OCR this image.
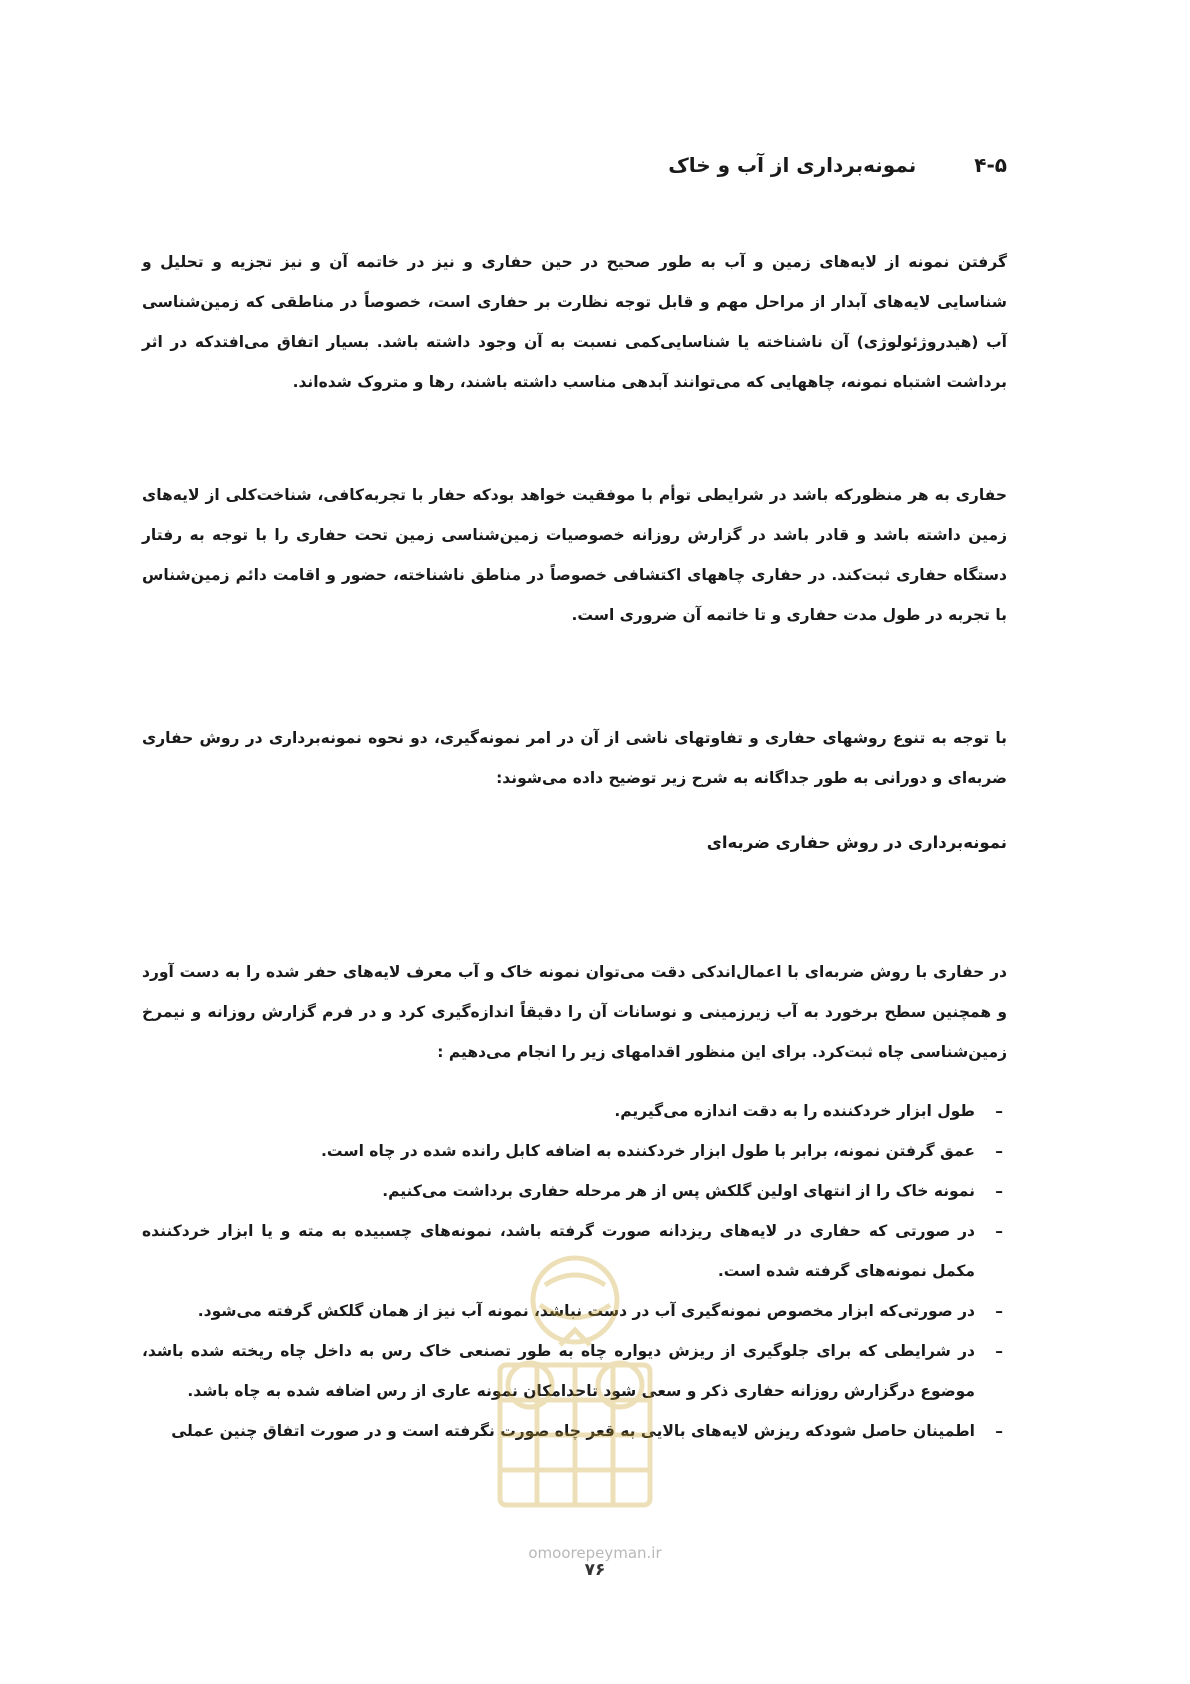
۴-۵
نمونه‌برداری از آب و خاک

گرفتن نمونه از لایه‌های زمین و آب به طور صحیح در حین حفاری و نیز در خاتمه آن و نیز تجزیه و تحلیل و شناسایی لایه‌های آبدار از مراحل مهم و قابل توجه نظارت بر حفاری است، خصوصاً در مناطقی که زمین‌شناسی آب (هیدروژئولوژی) آن ناشناخته یا شناسایی‌کمی نسبت به آن وجود داشته باشد. بسیار اتفاق می‌افتدکه در اثر برداشت اشتباه نمونه، چاههایی که می‌توانند آبدهی مناسب داشته باشند، رها و متروک شده‌اند.

حفاری به هر منظورکه باشد در شرایطی توأم با موفقیت خواهد بودکه حفار با تجربه‌کافی، شناخت‌کلی از لایه‌های زمین داشته باشد و قادر باشد در گزارش روزانه خصوصیات زمین‌شناسی زمین تحت حفاری را با توجه به رفتار دستگاه حفاری ثبت‌کند. در حفاری چاههای اکتشافی خصوصاً در مناطق ناشناخته، حضور و اقامت دائم زمین‌شناس با تجربه در طول مدت حفاری و تا خاتمه آن ضروری است.

با توجه به تنوع روشهای حفاری و تفاوتهای ناشی از آن در امر نمونه‌گیری، دو نحوه نمونه‌برداری در روش حفاری ضربه‌ای و دورانی به طور جداگانه به شرح زیر توضیح داده می‌شوند:

نمونه‌برداری در روش حفاری ضربه‌ای

در حفاری با روش ضربه‌ای با اعمال‌اندکی دقت می‌توان نمونه خاک و آب معرف لایه‌های حفر شده را به دست آورد و همچنین سطح برخورد به آب زیرزمینی و نوسانات آن را دقیقاً اندازه‌گیری کرد و در فرم گزارش روزانه و نیمرخ زمین‌شناسی چاه ثبت‌کرد. برای این منظور اقدامهای زیر را انجام می‌دهیم :

– طول ابزار خردکننده را به دقت اندازه می‌گیریم.
– عمق گرفتن نمونه، برابر با طول ابزار خردکننده به اضافه کابل رانده شده در چاه است.
– نمونه خاک را از انتهای اولین گلکش پس از هر مرحله حفاری برداشت می‌کنیم.
– در صورتی که حفاری در لایه‌های ریزدانه صورت گرفته باشد، نمونه‌های چسبیده به مته و یا ابزار خردکننده مکمل نمونه‌های گرفته شده است.
– در صورتی‌که ابزار مخصوص نمونه‌گیری آب در دست نباشد، نمونه آب نیز از همان گلکش گرفته می‌شود.
– در شرایطی که برای جلوگیری از ریزش دیواره چاه به طور تصنعی خاک رس به داخل چاه ریخته شده باشد، موضوع درگزارش روزانه حفاری ذکر و سعی شود تاحدامکان نمونه عاری از رس اضافه شده به چاه باشد.
– اطمینان حاصل شودکه ریزش لایه‌های بالایی به قعر چاه صورت نگرفته است و در صورت اتفاق چنین عملی
omoorepeyman.ir
۷۶
